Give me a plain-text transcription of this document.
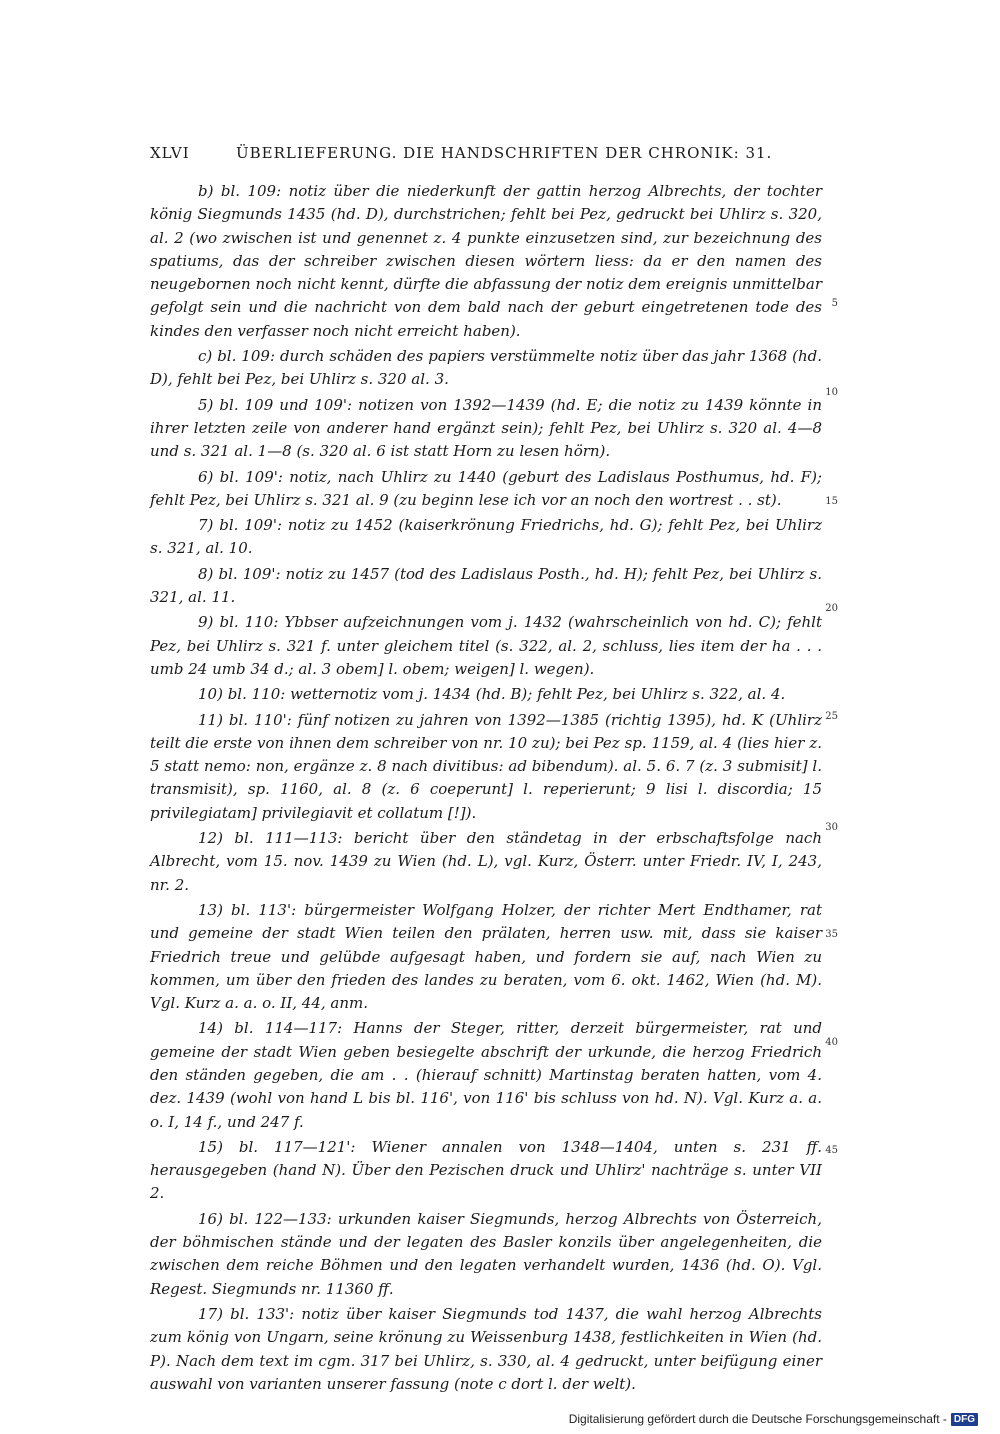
XLVI	ÜBERLIEFERUNG. DIE HANDSCHRIFTEN DER CHRONIK: 31.

b) bl. 109: notiz über die niederkunft der gattin herzog Albrechts, der tochter könig Siegmunds 1435 (hd. D), durchstrichen; fehlt bei Pez, gedruckt bei Uhlirz s. 320, al. 2 (wo zwischen ist und genennet z. 4 punkte einzusetzen sind, zur bezeichnung des spatiums, das der schreiber zwischen diesen wörtern liess: da er den namen des neugebornen noch nicht kennt, dürfte die abfassung der notiz dem ereignis unmittelbar gefolgt sein und die nachricht von dem bald nach der geburt eingetretenen tode des kindes den verfasser noch nicht erreicht haben).

c) bl. 109: durch schäden des papiers verstümmelte notiz über das jahr 1368 (hd. D), fehlt bei Pez, bei Uhlirz s. 320 al. 3.

5) bl. 109 und 109': notizen von 1392—1439 (hd. E; die notiz zu 1439 könnte in ihrer letzten zeile von anderer hand ergänzt sein); fehlt Pez, bei Uhlirz s. 320 al. 4—8 und s. 321 al. 1—8 (s. 320 al. 6 ist statt Horn zu lesen hörn).

6) bl. 109': notiz, nach Uhlirz zu 1440 (geburt des Ladislaus Posthumus, hd. F); fehlt Pez, bei Uhlirz s. 321 al. 9 (zu beginn lese ich vor an noch den wortrest . . st).

7) bl. 109': notiz zu 1452 (kaiserkrönung Friedrichs, hd. G); fehlt Pez, bei Uhlirz s. 321, al. 10.

8) bl. 109': notiz zu 1457 (tod des Ladislaus Posth., hd. H); fehlt Pez, bei Uhlirz s. 321, al. 11.

9) bl. 110: Ybbser aufzeichnungen vom j. 1432 (wahrscheinlich von hd. C); fehlt Pez, bei Uhlirz s. 321 f. unter gleichem titel (s. 322, al. 2, schluss, lies item der ha . . . umb 24 umb 34 d.; al. 3 obem] l. obem; weigen] l. wegen).

10) bl. 110: wetternotiz vom j. 1434 (hd. B); fehlt Pez, bei Uhlirz s. 322, al. 4.

11) bl. 110': fünf notizen zu jahren von 1392—1385 (richtig 1395), hd. K (Uhlirz teilt die erste von ihnen dem schreiber von nr. 10 zu); bei Pez sp. 1159, al. 4 (lies hier z. 5 statt nemo: non, ergänze z. 8 nach divitibus: ad bibendum). al. 5. 6. 7 (z. 3 submisit] l. transmisit), sp. 1160, al. 8 (z. 6 coeperunt] l. reperierunt; 9 lisi l. discordia; 15 privilegiatam] privilegiavit et collatum [!]).

12) bl. 111—113: bericht über den ständetag in der erbschaftsfolge nach Albrecht, vom 15. nov. 1439 zu Wien (hd. L), vgl. Kurz, Österr. unter Friedr. IV, I, 243, nr. 2.

13) bl. 113': bürgermeister Wolfgang Holzer, der richter Mert Endthamer, rat und gemeine der stadt Wien teilen den prälaten, herren usw. mit, dass sie kaiser Friedrich treue und gelübde aufgesagt haben, und fordern sie auf, nach Wien zu kommen, um über den frieden des landes zu beraten, vom 6. okt. 1462, Wien (hd. M). Vgl. Kurz a. a. o. II, 44, anm.

14) bl. 114—117: Hanns der Steger, ritter, derzeit bürgermeister, rat und gemeine der stadt Wien geben besiegelte abschrift der urkunde, die herzog Friedrich den ständen gegeben, die am . . (hierauf schnitt) Martinstag beraten hatten, vom 4. dez. 1439 (wohl von hand L bis bl. 116', von 116' bis schluss von hd. N). Vgl. Kurz a. a. o. I, 14 f., und 247 f.

15) bl. 117—121': Wiener annalen von 1348—1404, unten s. 231 ff. herausgegeben (hand N). Über den Pezischen druck und Uhlirz' nachträge s. unter VII 2.

16) bl. 122—133: urkunden kaiser Siegmunds, herzog Albrechts von Österreich, der böhmischen stände und der legaten des Basler konzils über angelegenheiten, die zwischen dem reiche Böhmen und den legaten verhandelt wurden, 1436 (hd. O). Vgl. Regest. Siegmunds nr. 11360 ff.

17) bl. 133': notiz über kaiser Siegmunds tod 1437, die wahl herzog Albrechts zum könig von Ungarn, seine krönung zu Weissenburg 1438, festlichkeiten in Wien (hd. P). Nach dem text im cgm. 317 bei Uhlirz, s. 330, al. 4 gedruckt, unter beifügung einer auswahl von varianten unserer fassung (note c dort l. der welt).

5
10
15
20
25
30
35
40
45
Digitalisierung gefördert durch die Deutsche Forschungsgemeinschaft - DFG
